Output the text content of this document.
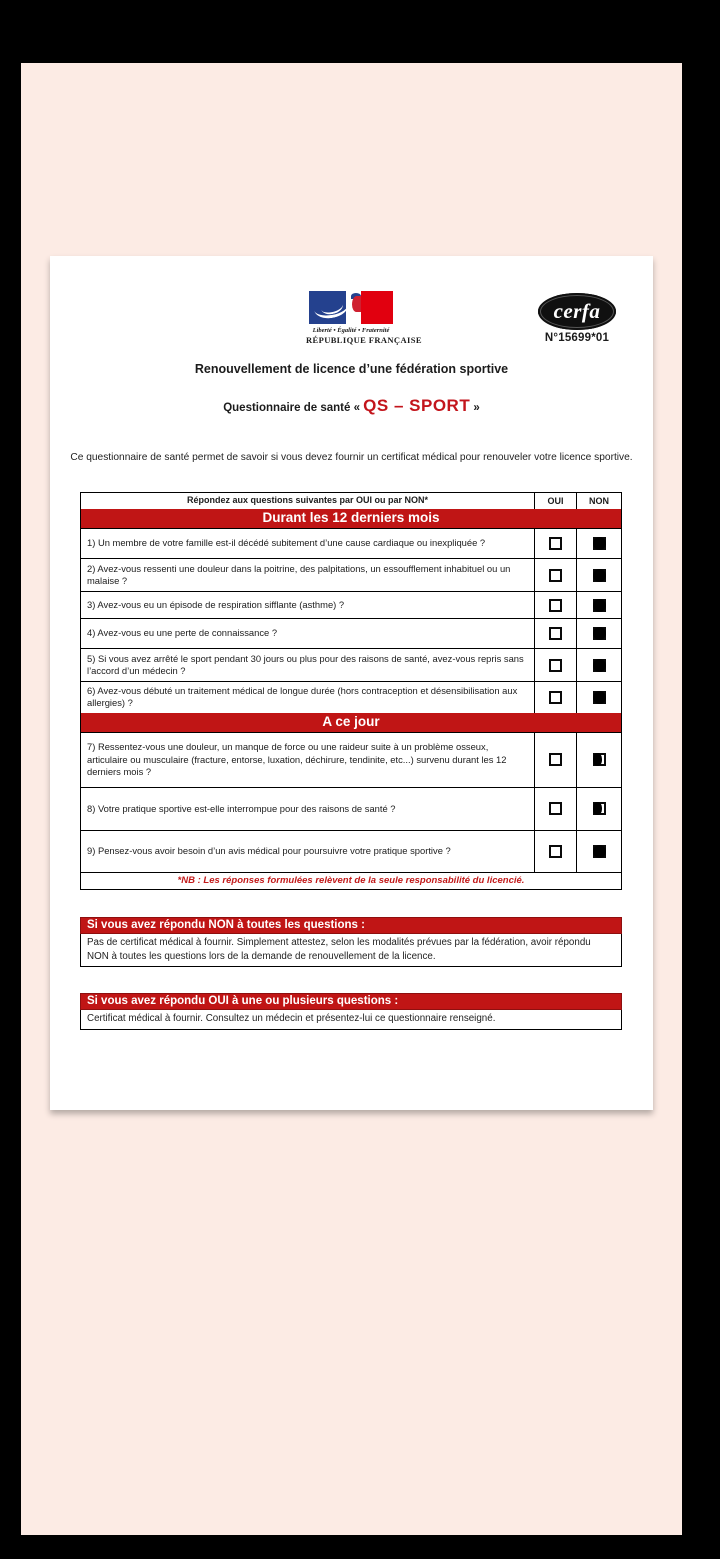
Liberté • Égalité • Fraternité
RÉPUBLIQUE FRANÇAISE
cerfa
N°15699*01
Renouvellement de licence d’une fédération sportive
Questionnaire de santé « QS – SPORT »
Ce questionnaire de santé permet de savoir si vous devez fournir un certificat médical pour renouveler votre licence sportive.
Répondez aux questions suivantes par OUI ou par NON*	OUI	NON
Durant les 12 derniers mois
1) Un membre de votre famille est-il décédé subitement d’une cause cardiaque ou inexpliquée ?
2) Avez-vous ressenti une douleur dans la poitrine, des palpitations, un essoufflement inhabituel ou un malaise ?
3) Avez-vous eu un épisode de respiration sifflante (asthme) ?
4) Avez-vous eu une perte de connaissance ?
5) Si vous avez arrêté le sport pendant 30 jours ou plus pour des raisons de santé, avez-vous repris sans l’accord d’un médecin ?
6) Avez-vous débuté un traitement médical de longue durée (hors contraception et désensibilisation aux allergies) ?
A ce jour
7) Ressentez-vous une douleur, un manque de force ou une raideur suite à un problème osseux, articulaire ou musculaire (fracture, entorse, luxation, déchirure, tendinite, etc...) survenu durant les 12 derniers mois ?
8) Votre pratique sportive est-elle interrompue pour des raisons de santé ?
9) Pensez-vous avoir besoin d’un avis médical pour poursuivre votre pratique sportive ?
*NB : Les réponses formulées relèvent de la seule responsabilité du licencié.
Si vous avez répondu NON à toutes les questions :
Pas de certificat médical à fournir. Simplement attestez, selon les modalités prévues par la fédération, avoir répondu NON à toutes les questions lors de la demande de renouvellement de la licence.
Si vous avez répondu OUI à une ou plusieurs questions :
Certificat médical à fournir. Consultez un médecin et présentez-lui ce questionnaire renseigné.
